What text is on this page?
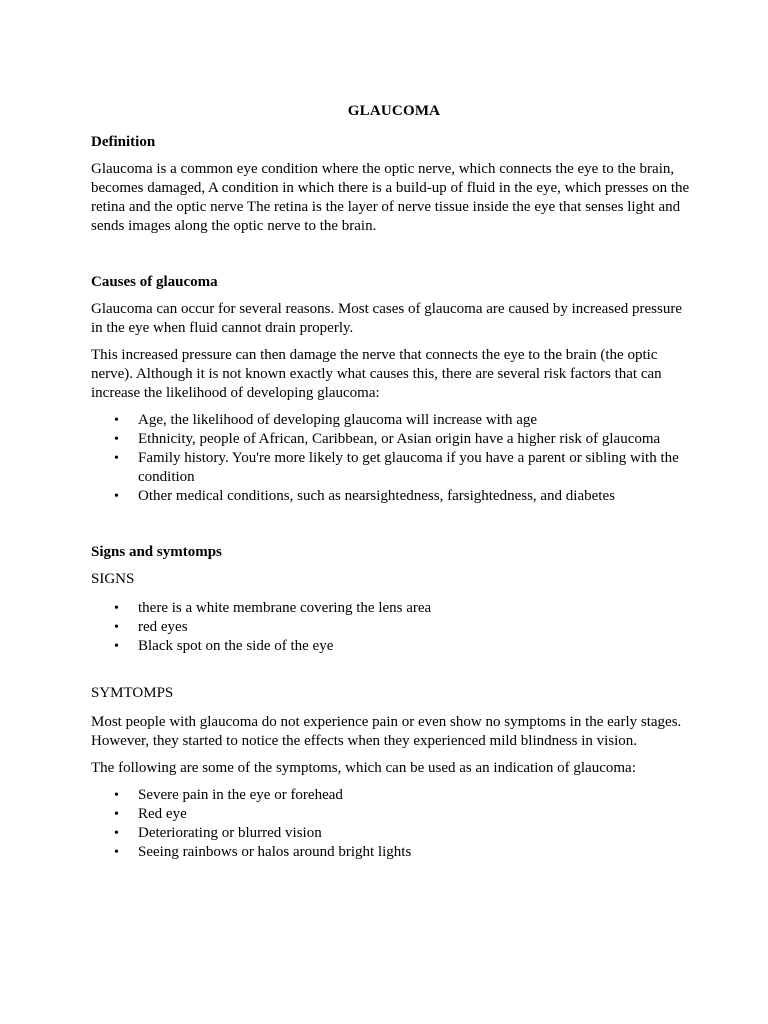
GLAUCOMA
Definition
Glaucoma is a common eye condition where the optic nerve, which connects the eye to the brain, becomes damaged, A condition in which there is a build-up of fluid in the eye, which presses on the retina and the optic nerve The retina is the layer of nerve tissue inside the eye that senses light and sends images along the optic nerve to the brain.
Causes of glaucoma
Glaucoma can occur for several reasons. Most cases of glaucoma are caused by increased pressure in the eye when fluid cannot drain properly.
This increased pressure can then damage the nerve that connects the eye to the brain (the optic nerve). Although it is not known exactly what causes this, there are several risk factors that can increase the likelihood of developing glaucoma:
• Age, the likelihood of developing glaucoma will increase with age
• Ethnicity, people of African, Caribbean, or Asian origin have a higher risk of glaucoma
• Family history. You're more likely to get glaucoma if you have a parent or sibling with the condition
• Other medical conditions, such as nearsightedness, farsightedness, and diabetes
Signs and symtomps
SIGNS
• there is a white membrane covering the lens area
• red eyes
• Black spot on the side of the eye
SYMTOMPS
Most people with glaucoma do not experience pain or even show no symptoms in the early stages. However, they started to notice the effects when they experienced mild blindness in vision.
The following are some of the symptoms, which can be used as an indication of glaucoma:
• Severe pain in the eye or forehead
• Red eye
• Deteriorating or blurred vision
• Seeing rainbows or halos around bright lights
